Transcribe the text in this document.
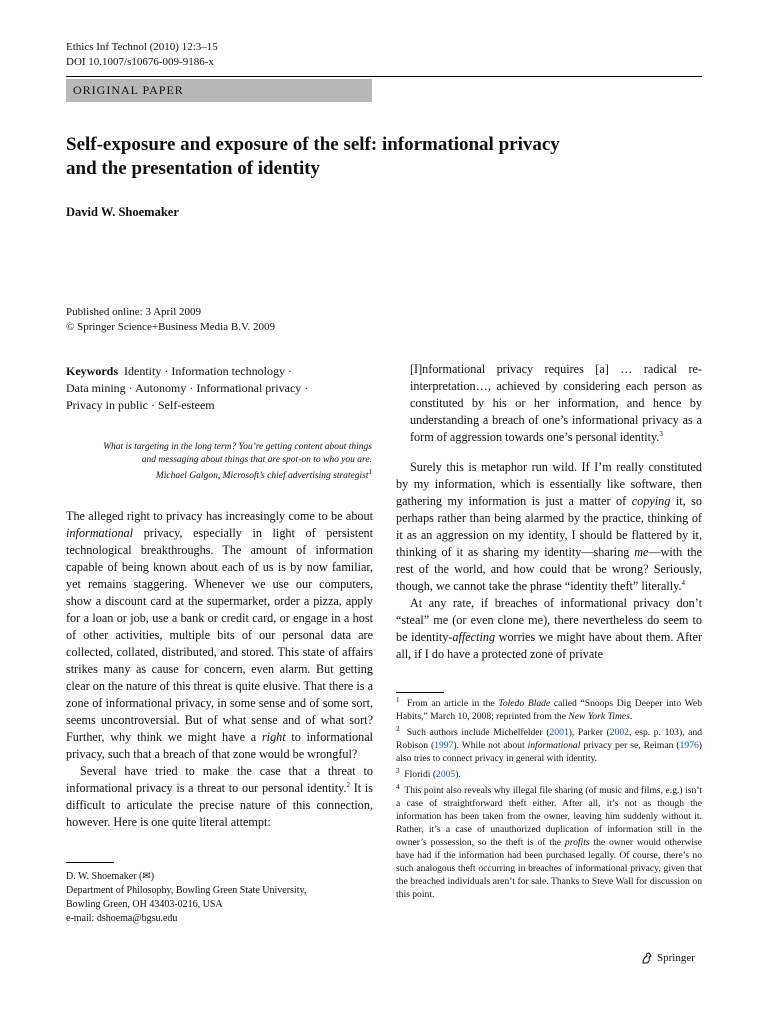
Ethics Inf Technol (2010) 12:3–15
DOI 10.1007/s10676-009-9186-x
ORIGINAL PAPER
Self-exposure and exposure of the self: informational privacy
and the presentation of identity
David W. Shoemaker
Published online: 3 April 2009
© Springer Science+Business Media B.V. 2009
Keywords Identity · Information technology ·
Data mining · Autonomy · Informational privacy ·
Privacy in public · Self-esteem
What is targeting in the long term? You’re getting content about things
and messaging about things that are spot-on to who you are.
Michael Galgon, Microsoft’s chief advertising strategist$^1$

The alleged right to privacy has increasingly come to be about informational privacy, especially in light of persistent technological breakthroughs. The amount of information capable of being known about each of us is by now familiar, yet remains staggering. Whenever we use our computers, show a discount card at the supermarket, order a pizza, apply for a loan or job, use a bank or credit card, or engage in a host of other activities, multiple bits of our personal data are collected, collated, distributed, and stored. This state of affairs strikes many as cause for concern, even alarm. But getting clear on the nature of this threat is quite elusive. That there is a zone of informational privacy, in some sense and of some sort, seems uncontroversial. But of what sense and of what sort? Further, why think we might have a right to informational privacy, such that a breach of that zone would be wrongful?

Several have tried to make the case that a threat to informational privacy is a threat to our personal identity.$^2$ It is difficult to articulate the precise nature of this connection, however. Here is one quite literal attempt:

D. W. Shoemaker (✉)
Department of Philosophy, Bowling Green State University,
Bowling Green, OH 43403-0216, USA
e-mail: dshoema@bgsu.edu

[I]nformational privacy requires [a] … radical re-interpretation…, achieved by considering each person as constituted by his or her information, and hence by understanding a breach of one’s informational privacy as a form of aggression towards one’s personal identity.$^3$

Surely this is metaphor run wild. If I’m really constituted by my information, which is essentially like software, then gathering my information is just a matter of copying it, so perhaps rather than being alarmed by the practice, thinking of it as an aggression on my identity, I should be flattered by it, thinking of it as sharing my identity—sharing me—with the rest of the world, and how could that be wrong? Seriously, though, we cannot take the phrase “identity theft” literally.$^4$

At any rate, if breaches of informational privacy don’t “steal” me (or even clone me), there nevertheless do seem to be identity-affecting worries we might have about them. After all, if I do have a protected zone of private

$^1$ From an article in the Toledo Blade called “Snoops Dig Deeper into Web Habits,” March 10, 2008; reprinted from the New York Times.

$^2$ Such authors include Michelfelder (2001), Parker (2002, esp. p. 103), and Robison (1997). While not about informational privacy per se, Reiman (1976) also tries to connect privacy in general with identity.

$^3$ Floridi (2005).

$^4$ This point also reveals why illegal file sharing (of music and films, e.g.) isn’t a case of straightforward theft either. After all, it’s not as though the information has been taken from the owner, leaving him suddenly without it. Rather, it’s a case of unauthorized duplication of information still in the owner’s possession, so the theft is of the profits the owner would otherwise have had if the information had been purchased legally. Of course, there’s no such analogous theft occurring in breaches of informational privacy, given that the breached individuals aren’t for sale. Thanks to Steve Wall for discussion on this point.

Springer
